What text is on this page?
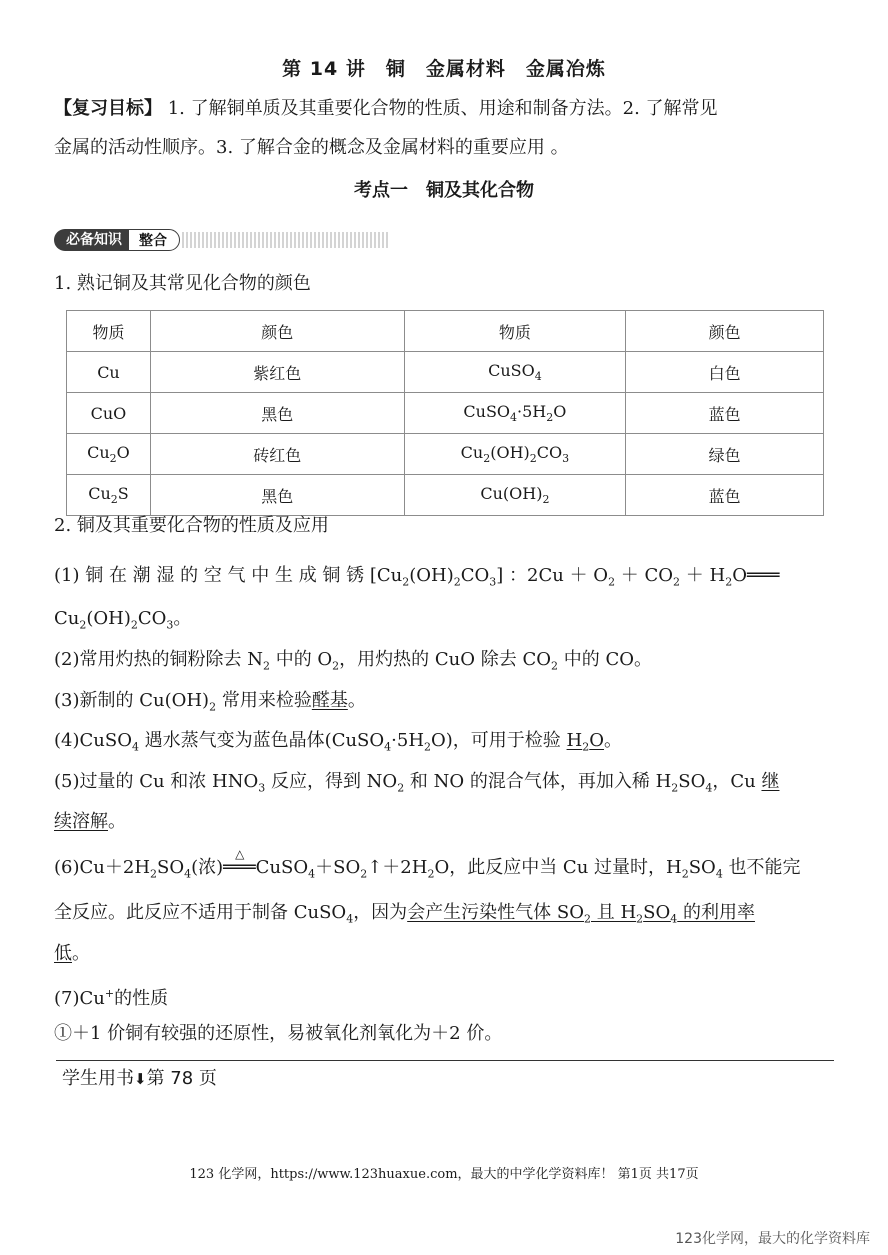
第 14 讲　铜　金属材料　金属冶炼
【复习目标】 1. 了解铜单质及其重要化合物的性质、用途和制备方法。2. 了解常见
金属的活动性顺序。3. 了解合金的概念及金属材料的重要应用 。
考点一　铜及其化合物
必备知识 整合
1. 熟记铜及其常见化合物的颜色
物质	颜色	物质	颜色
Cu	紫红色	CuSO$_4$	白色
CuO	黑色	$CuSO_4\cdot 5H_2O$	蓝色
$Cu_2O$	砖红色	$Cu_2(OH)_2CO_3$	绿色
$Cu_2S$	黑色	$Cu(OH)_2$	蓝色
2. 铜及其重要化合物的性质及应用
(1) 铜 在 潮 湿 的 空 气 中 生 成 铜 锈 $[Cu_2(OH)_2CO_3]$ ：$2Cu + O_2 + CO_2$ ＋ $H_2O═══$
$Cu_2(OH)_2CO_3$。
(2)常用灼热的铜粉除去 $N_2$ 中的 $O_2$，用灼热的 CuO 除去 $CO_2$ 中的 CO。
(3)新制的 $Cu(OH)_2$ 常用来检验醛基。
(4)CuSO$_4$ 遇水蒸气变为蓝色晶体$(CuSO_4\cdot 5H_2O)$，可用于检验 $H_2O$。
(5)过量的 Cu 和浓 $HNO_3$ 反应，得到 $NO_2$ 和 NO 的混合气体，再加入稀 $H_2SO_4$，Cu 继
续溶解。
$(6)Cu+2H_2SO_4$(浓)
△
$═══CuSO_4+SO_2↑+2H_2O$，此反应中当 Cu 过量时，$H_2SO_4$ 也不能完
全反应。此反应不适用于制备 CuSO$_4$，因为会产生污染性气体 $SO_2$ 且 $H_2SO_4$ 的利用率
低。
(7)Cu+的性质
①＋1 价铜有较强的还原性，易被氧化剂氧化为＋2 价。
学生用书⬇第 78 页
123 化学网，https://www.123huaxue.com，最大的中学化学资料库！ 第1页 共17页
123化学网，最大的化学资料库
